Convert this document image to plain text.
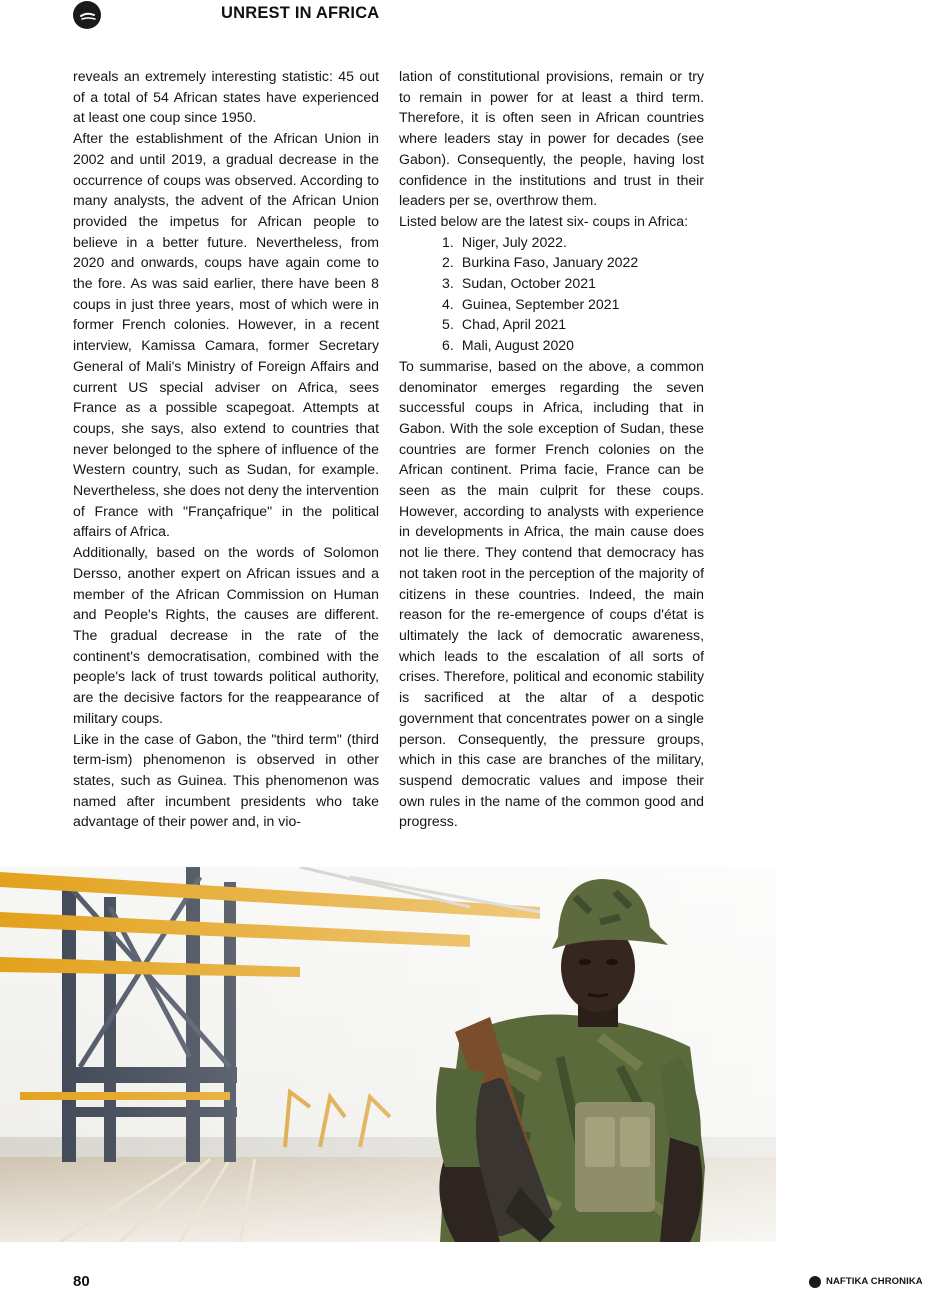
UNREST IN AFRICA

reveals an extremely interesting statistic: 45 out of a total of 54 African states have experienced at least one coup since 1950.

After the establishment of the African Union in 2002 and until 2019, a gradual decrease in the occurrence of coups was observed. According to many analysts, the advent of the African Union provided the impetus for African people to believe in a better future. Nevertheless, from 2020 and onwards, coups have again come to the fore. As was said earlier, there have been 8 coups in just three years, most of which were in former French colonies. However, in a recent interview, Kamissa Camara, former Secretary General of Mali's Ministry of Foreign Affairs and current US special adviser on Africa, sees France as a possible scapegoat. Attempts at coups, she says, also extend to countries that never belonged to the sphere of influence of the Western country, such as Sudan, for example. Nevertheless, she does not deny the intervention of France with "Françafrique" in the political affairs of Africa.

Additionally, based on the words of Solomon Dersso, another expert on African issues and a member of the African Commission on Human and People's Rights, the causes are different. The gradual decrease in the rate of the continent's democratisation, combined with the people's lack of trust towards political authority, are the decisive factors for the reappearance of military coups.

Like in the case of Gabon, the "third term" (third term-ism) phenomenon is observed in other states, such as Guinea. This phenomenon was named after incumbent presidents who take advantage of their power and, in vio-

lation of constitutional provisions, remain or try to remain in power for at least a third term. Therefore, it is often seen in African countries where leaders stay in power for decades (see Gabon). Consequently, the people, having lost confidence in the institutions and trust in their leaders per se, overthrow them.

Listed below are the latest six- coups in Africa:

1. Niger, July 2022.
2. Burkina Faso, January 2022
3. Sudan, October 2021
4. Guinea, September 2021
5. Chad, April 2021
6. Mali, August 2020

To summarise, based on the above, a common denominator emerges regarding the seven successful coups in Africa, including that in Gabon. With the sole exception of Sudan, these countries are former French colonies on the African continent. Prima facie, France can be seen as the main culprit for these coups. However, according to analysts with experience in developments in Africa, the main cause does not lie there. They contend that democracy has not taken root in the perception of the majority of citizens in these countries. Indeed, the main reason for the re-emergence of coups d'état is ultimately the lack of democratic awareness, which leads to the escalation of all sorts of crises. Therefore, political and economic stability is sacrificed at the altar of a despotic government that concentrates power on a single person. Consequently, the pressure groups, which in this case are branches of the military, suspend democratic values and impose their own rules in the name of the common good and progress.

80	NAFTIKA CHRONIKA
